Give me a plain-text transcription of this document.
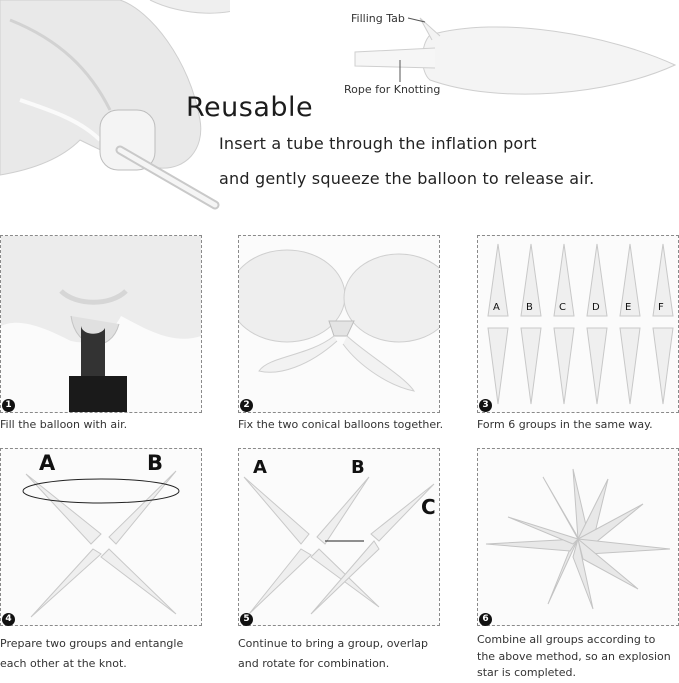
Filling Tab
Rope for Knotting
Reusable
Insert a tube through the inflation port
and gently squeeze the balloon to release air.
1
Fill the balloon with air.
2
Fix the two conical balloons together.
A	B	C	D	E	F
3
Form 6 groups in the same way.
A	B
4
Prepare two groups and entangle
each other at the knot.
A	B
C
5
Continue to bring a group, overlap
and rotate for combination.
6
Combine all groups according to
the above method, so an explosion
star is completed.
